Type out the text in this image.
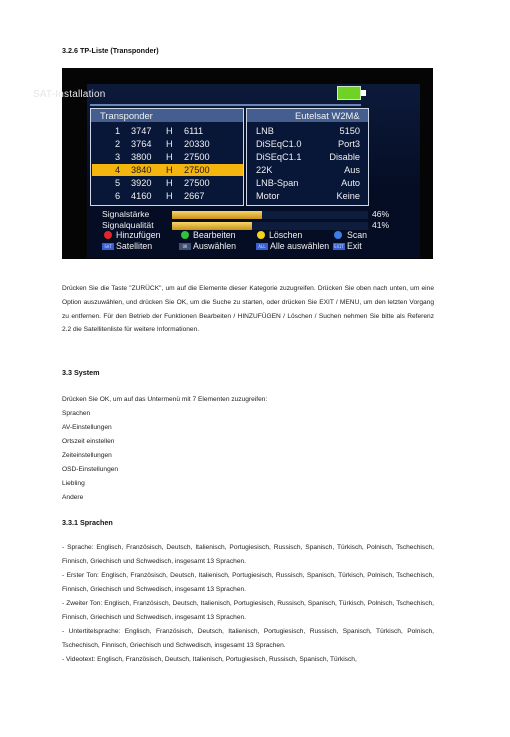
3.2.6 TP-Liste (Transponder)
SAT-Installation
Transponder
1 3747 H 6111
2 3764 H 20330
3 3800 H 27500
4 3840 H 27500
5 3920 H 27500
6 4160 H 2667
Eutelsat W2M&
LNB	5150
DiSEqC1.0	Port3
DiSEqC1.1	Disable
22K	Aus
LNB-Span	Auto
Motor	Keine
Signalstärke	46%
Signalqualität	41%
Hinzufügen	Bearbeiten	Löschen	Scan
SAT Satelliten	OK Auswählen	ALL Alle auswählen EXIT Exit
Drücken Sie die Taste "ZURÜCK", um auf die Elemente dieser Kategorie zuzugreifen. Drücken Sie oben nach unten, um eine Option auszuwählen, und drücken Sie OK, um die Suche zu starten, oder drücken Sie EXIT / MENU, um den letzten Vorgang zu entfernen. Für den Betrieb der Funktionen Bearbeiten / HINZUFÜGEN / Löschen / Suchen nehmen Sie bitte als Referenz 2.2 die Satellitenliste für weitere Informationen.
3.3 System
Drücken Sie OK, um auf das Untermenü mit 7 Elementen zuzugreifen:
Sprachen
AV-Einstellungen
Ortszeit einstellen
Zeiteinstellungen
OSD-Einstellungen
Liebling
Andere
3.3.1 Sprachen
- Sprache: Englisch, Französisch, Deutsch, Italienisch, Portugiesisch, Russisch, Spanisch, Türkisch, Polnisch, Tschechisch, Finnisch, Griechisch und Schwedisch, insgesamt 13 Sprachen.
- Erster Ton: Englisch, Französisch, Deutsch, Italienisch, Portugiesisch, Russisch, Spanisch, Türkisch, Polnisch, Tschechisch, Finnisch, Griechisch und Schwedisch, insgesamt 13 Sprachen.
- Zweiter Ton: Englisch, Französisch, Deutsch, Italienisch, Portugiesisch, Russisch, Spanisch, Türkisch, Polnisch, Tschechisch, Finnisch, Griechisch und Schwedisch, insgesamt 13 Sprachen.
- Untertitelsprache: Englisch, Französisch, Deutsch, Italienisch, Portugiesisch, Russisch, Spanisch, Türkisch, Polnisch, Tschechisch, Finnisch, Griechisch und Schwedisch, insgesamt 13 Sprachen.
- Videotext: Englisch, Französisch, Deutsch, Italienisch, Portugiesisch, Russisch, Spanisch, Türkisch,
